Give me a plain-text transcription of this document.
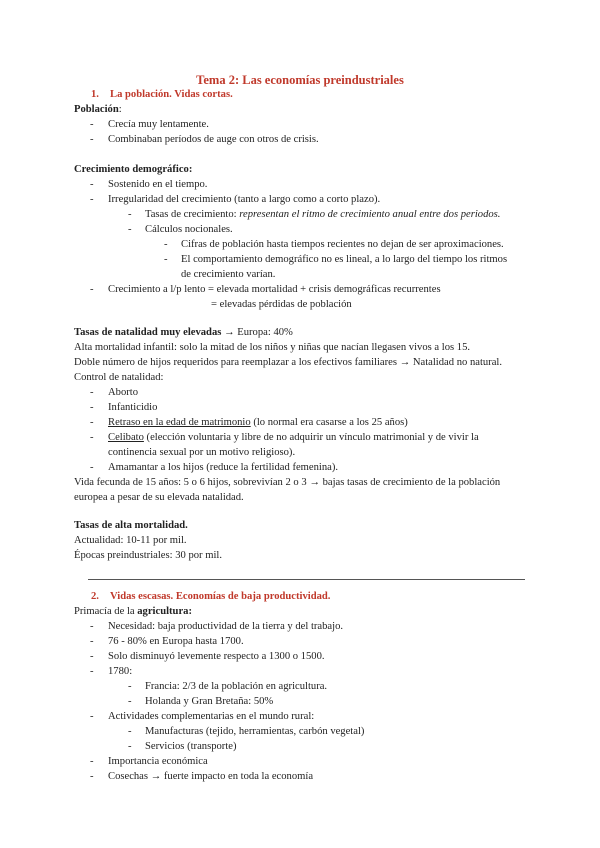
Tema 2: Las economías preindustriales
1. La población. Vidas cortas.
Población:
- Crecía muy lentamente.
- Combinaban períodos de auge con otros de crisis.
Crecimiento demográfico:
- Sostenido en el tiempo.
- Irregularidad del crecimiento (tanto a largo como a corto plazo).
- Tasas de crecimiento: representan el ritmo de crecimiento anual entre dos periodos.
- Cálculos nocionales.
- Cifras de población hasta tiempos recientes no dejan de ser aproximaciones.
- El comportamiento demográfico no es lineal, a lo largo del tiempo los ritmos
de crecimiento varían.
- Crecimiento a l/p lento = elevada mortalidad + crisis demográficas recurrentes
= elevadas pérdidas de población
Tasas de natalidad muy elevadas → Europa: 40%
Alta mortalidad infantil: solo la mitad de los niños y niñas que nacían llegasen vivos a los 15.
Doble número de hijos requeridos para reemplazar a los efectivos familiares → Natalidad no natural.
Control de natalidad:
- Aborto
- Infanticidio
- Retraso en la edad de matrimonio (lo normal era casarse a los 25 años)
- Celibato (elección voluntaria y libre de no adquirir un vínculo matrimonial y de vivir la
continencia sexual por un motivo religioso).
- Amamantar a los hijos (reduce la fertilidad femenina).
Vida fecunda de 15 años: 5 o 6 hijos, sobrevivían 2 o 3 → bajas tasas de crecimiento de la población
europea a pesar de su elevada natalidad.
Tasas de alta mortalidad.
Actualidad: 10-11 por mil.
Épocas preindustriales: 30 por mil.
2. Vidas escasas. Economías de baja productividad.
Primacía de la agricultura:
- Necesidad: baja productividad de la tierra y del trabajo.
- 76 - 80% en Europa hasta 1700.
- Solo disminuyó levemente respecto a 1300 o 1500.
- 1780:
- Francia: 2/3 de la población en agricultura.
- Holanda y Gran Bretaña: 50%
- Actividades complementarias en el mundo rural:
- Manufacturas (tejido, herramientas, carbón vegetal)
- Servicios (transporte)
- Importancia económica
- Cosechas → fuerte impacto en toda la economía
